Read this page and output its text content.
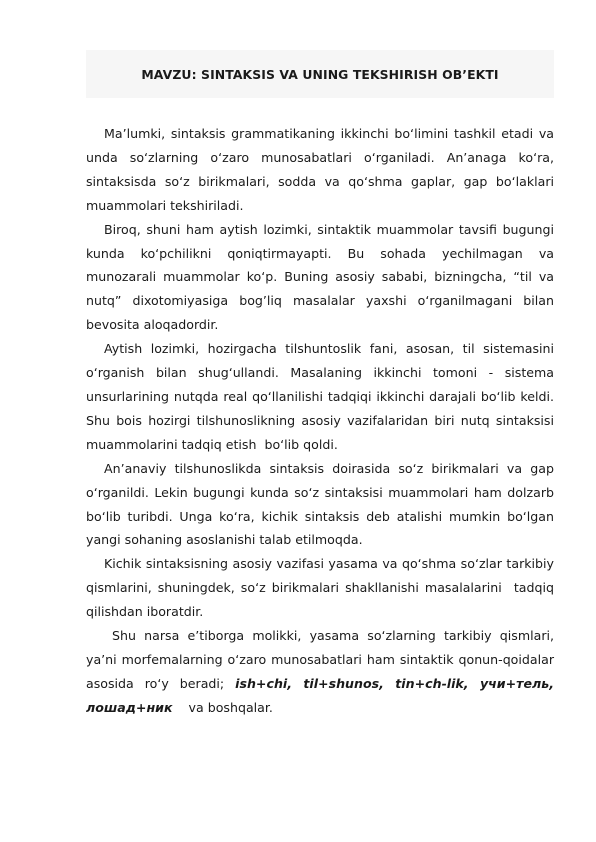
MAVZU: SINTAKSIS VA UNING TEKSHIRISH OB’EKTI

Ma’lumki, sintaksis grammatikaning ikkinchi bo‘limini tashkil etadi va unda so‘zlarning o‘zaro munosabatlari o‘rganiladi. An’anaga ko‘ra, sintaksisda so‘z birikmalari, sodda va qo‘shma gaplar, gap bo‘laklari muammolari tekshiriladi.

Biroq, shuni ham aytish lozimki, sintaktik muammolar tavsifi bugungi kunda ko‘pchilikni qoniqtirmayapti. Bu sohada yechilmagan va munozarali muammolar ko‘p. Buning asosiy sababi, bizningcha, “til va nutq” dixotomiyasiga bog’liq masalalar yaxshi o‘rganilmagani bilan bevosita aloqadordir.

Aytish lozimki, hozirgacha tilshuntoslik fani, asosan, til sistemasini o‘rganish bilan shug‘ullandi. Masalaning ikkinchi tomoni - sistema unsurlarining nutqda real qo‘llanilishi tadqiqi ikkinchi darajali bo‘lib keldi. Shu bois hozirgi tilshunoslikning asosiy vazifalaridan biri nutq sintaksisi  muammolarini tadqiq etish  bo‘lib qoldi.

An’anaviy tilshunoslikda sintaksis doirasida so‘z birikmalari va gap o‘rganildi. Lekin bugungi kunda so‘z sintaksisi muammolari ham dolzarb bo‘lib turibdi. Unga ko‘ra, kichik sintaksis deb atalishi mumkin bo‘lgan yangi sohaning asoslanishi talab etilmoqda.

Kichik sintaksisning asosiy vazifasi yasama va qo‘shma so‘zlar tarkibiy qismlarini, shuningdek, so‘z birikmalari shakllanishi masalalarini  tadqiq qilishdan iboratdir.

Shu narsa e’tiborga molikki, yasama so‘zlarning tarkibiy qismlari, ya’ni morfemalarning o‘zaro munosabatlari ham sintaktik qonun-qoidalar asosida ro‘y beradi; ish+chi, til+shunos, tin+ch-lik, учи+тель,  лошад+ник    va boshqalar.
